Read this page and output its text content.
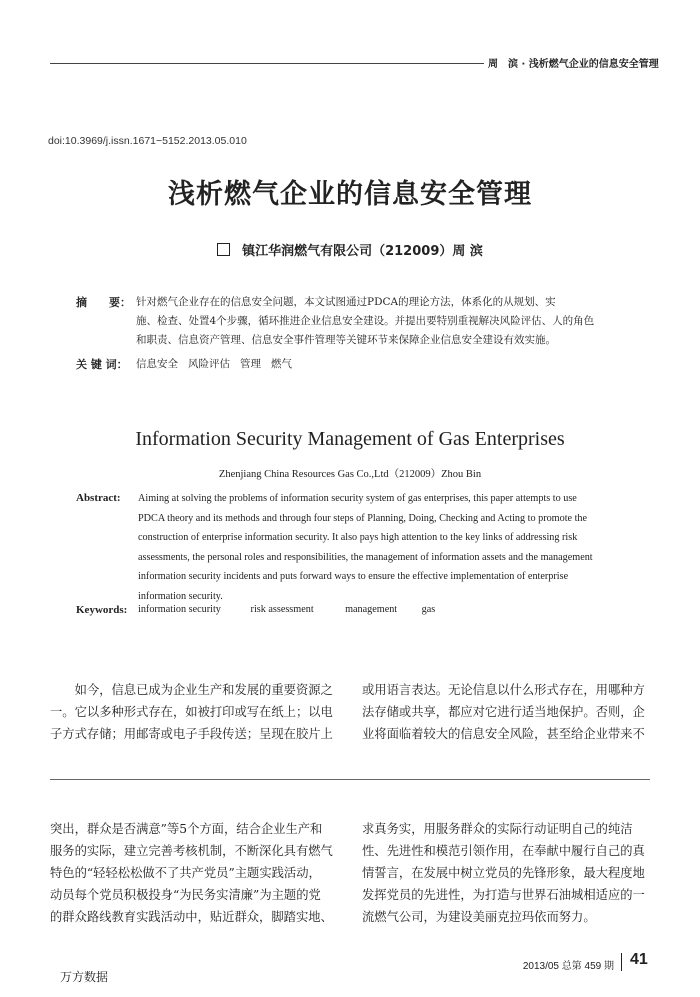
周　滨 · 浅析燃气企业的信息安全管理
doi:10.3969/j.issn.1671−5152.2013.05.010
浅析燃气企业的信息安全管理
镇江华润燃气有限公司（212009）周 滨
摘　　要： 针对燃气企业存在的信息安全问题，本文试图通过PDCA的理论方法，体系化的从规划、实
施、检查、处置4个步骤，循环推进企业信息安全建设。并提出要特别重视解决风险评估、人的角色
和职责、信息资产管理、信息安全事件管理等关键环节来保障企业信息安全建设有效实施。
关 键 词： 信息安全 风险评估 管理 燃气
Information Security Management of Gas Enterprises
Zhenjiang China Resources Gas Co.,Ltd（212009）Zhou Bin
Abstract: Aiming at solving the problems of information security system of gas enterprises, this paper attempts to use
PDCA theory and its methods and through four steps of Planning, Doing, Checking and Acting to promote the
construction of enterprise information security. It also pays high attention to the key links of addressing risk
assessments, the personal roles and responsibilities, the management of information assets and the management
information security incidents and puts forward ways to ensure the effective implementation of enterprise
information security.
Keywords: information security	risk assessment	management gas
如今，信息已成为企业生产和发展的重要资源之
一。它以多种形式存在，如被打印或写在纸上；以电
子方式存储；用邮寄或电子手段传送；呈现在胶片上
或用语言表达。无论信息以什么形式存在，用哪种方
法存储或共享，都应对它进行适当地保护。否则，企
业将面临着较大的信息安全风险，甚至给企业带来不
突出，群众是否满意”等5个方面，结合企业生产和
服务的实际，建立完善考核机制，不断深化具有燃气
特色的“轻轻松松做不了共产党员”主题实践活动，
动员每个党员积极投身“为民务实清廉”为主题的党
的群众路线教育实践活动中，贴近群众，脚踏实地、
求真务实，用服务群众的实际行动证明自己的纯洁
性、先进性和模范引领作用，在奉献中履行自己的真
情誓言，在发展中树立党员的先锋形象，最大程度地
发挥党员的先进性，为打造与世界石油城相适应的一
流燃气公司，为建设美丽克拉玛依而努力。
2013/05 总第 459 期 41
万方数据
